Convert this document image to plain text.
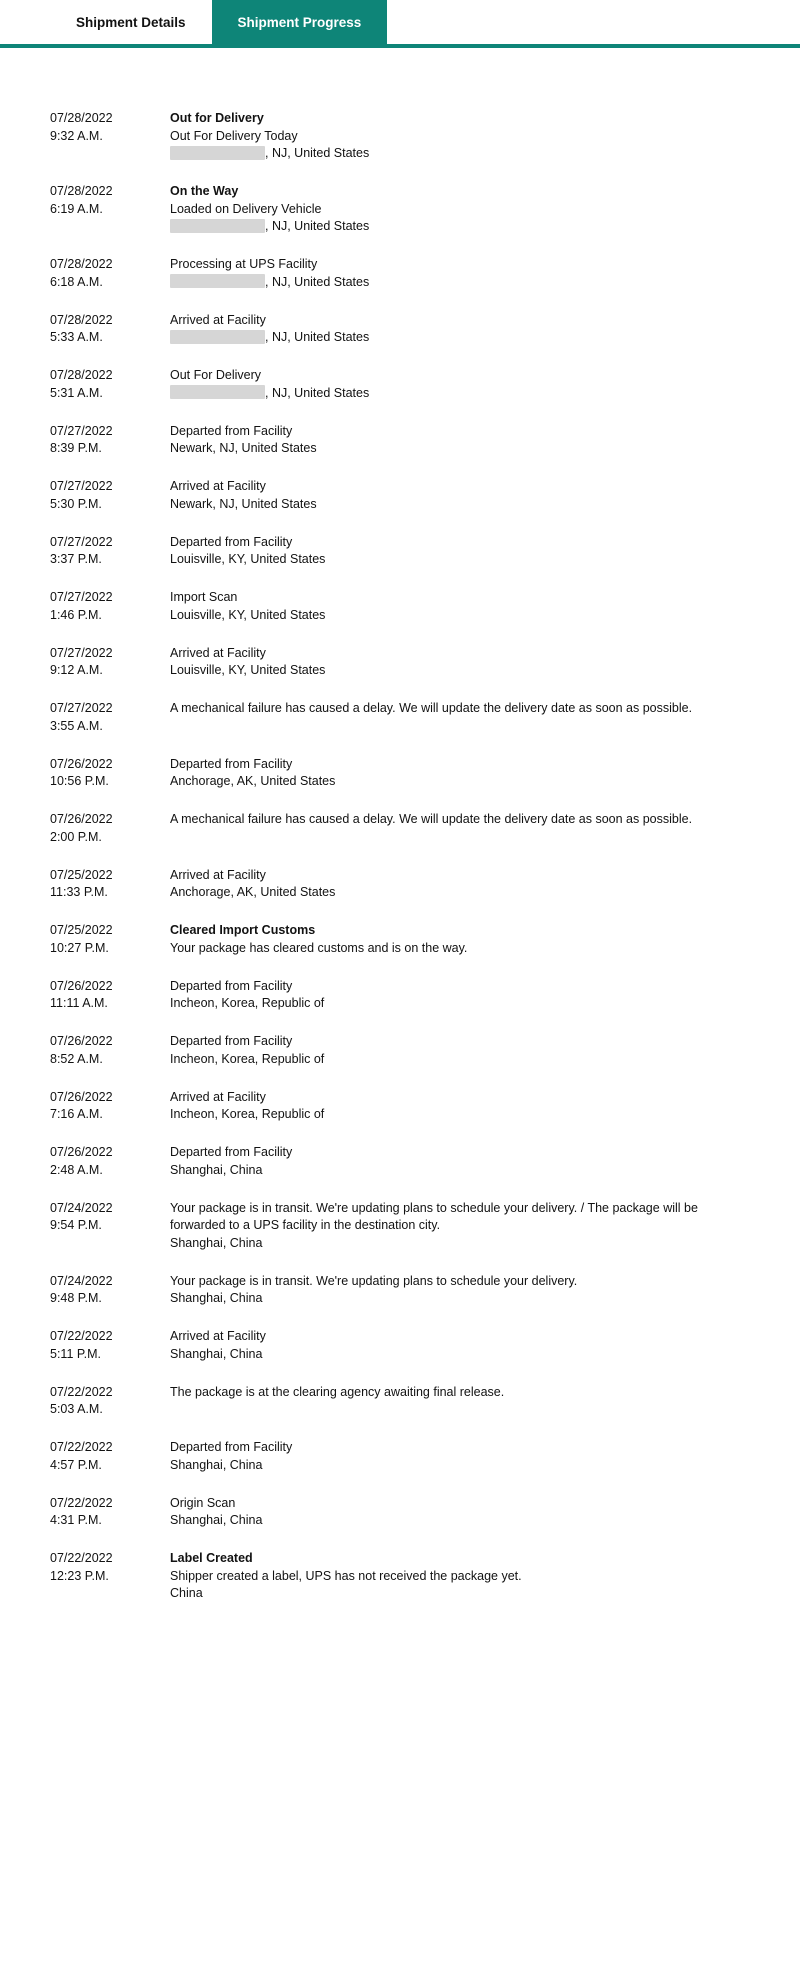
Shipment Details	Shipment Progress
07/28/2022
9:32 A.M.
Out for Delivery
Out For Delivery Today
, NJ, United States
07/28/2022
6:19 A.M.
On the Way
Loaded on Delivery Vehicle
, NJ, United States
07/28/2022
6:18 A.M.
Processing at UPS Facility
, NJ, United States
07/28/2022
5:33 A.M.
Arrived at Facility
, NJ, United States
07/28/2022
5:31 A.M.
Out For Delivery
, NJ, United States
07/27/2022
8:39 P.M.
Departed from Facility
Newark, NJ, United States
07/27/2022
5:30 P.M.
Arrived at Facility
Newark, NJ, United States
07/27/2022
3:37 P.M.
Departed from Facility
Louisville, KY, United States
07/27/2022
1:46 P.M.
Import Scan
Louisville, KY, United States
07/27/2022
9:12 A.M.
Arrived at Facility
Louisville, KY, United States
07/27/2022
3:55 A.M.
A mechanical failure has caused a delay. We will update the delivery date as soon as possible.
07/26/2022
10:56 P.M.
Departed from Facility
Anchorage, AK, United States
07/26/2022
2:00 P.M.
A mechanical failure has caused a delay. We will update the delivery date as soon as possible.
07/25/2022
11:33 P.M.
Arrived at Facility
Anchorage, AK, United States
07/25/2022
10:27 P.M.
Cleared Import Customs
Your package has cleared customs and is on the way.
07/26/2022
11:11 A.M.
Departed from Facility
Incheon, Korea, Republic of
07/26/2022
8:52 A.M.
Departed from Facility
Incheon, Korea, Republic of
07/26/2022
7:16 A.M.
Arrived at Facility
Incheon, Korea, Republic of
07/26/2022
2:48 A.M.
Departed from Facility
Shanghai, China
07/24/2022
9:54 P.M.
Your package is in transit. We're updating plans to schedule your delivery. / The package will be forwarded to a UPS facility in the destination city.
Shanghai, China
07/24/2022
9:48 P.M.
Your package is in transit. We're updating plans to schedule your delivery.
Shanghai, China
07/22/2022
5:11 P.M.
Arrived at Facility
Shanghai, China
07/22/2022
5:03 A.M.
The package is at the clearing agency awaiting final release.
07/22/2022
4:57 P.M.
Departed from Facility
Shanghai, China
07/22/2022
4:31 P.M.
Origin Scan
Shanghai, China
07/22/2022
12:23 P.M.
Label Created
Shipper created a label, UPS has not received the package yet.
China
